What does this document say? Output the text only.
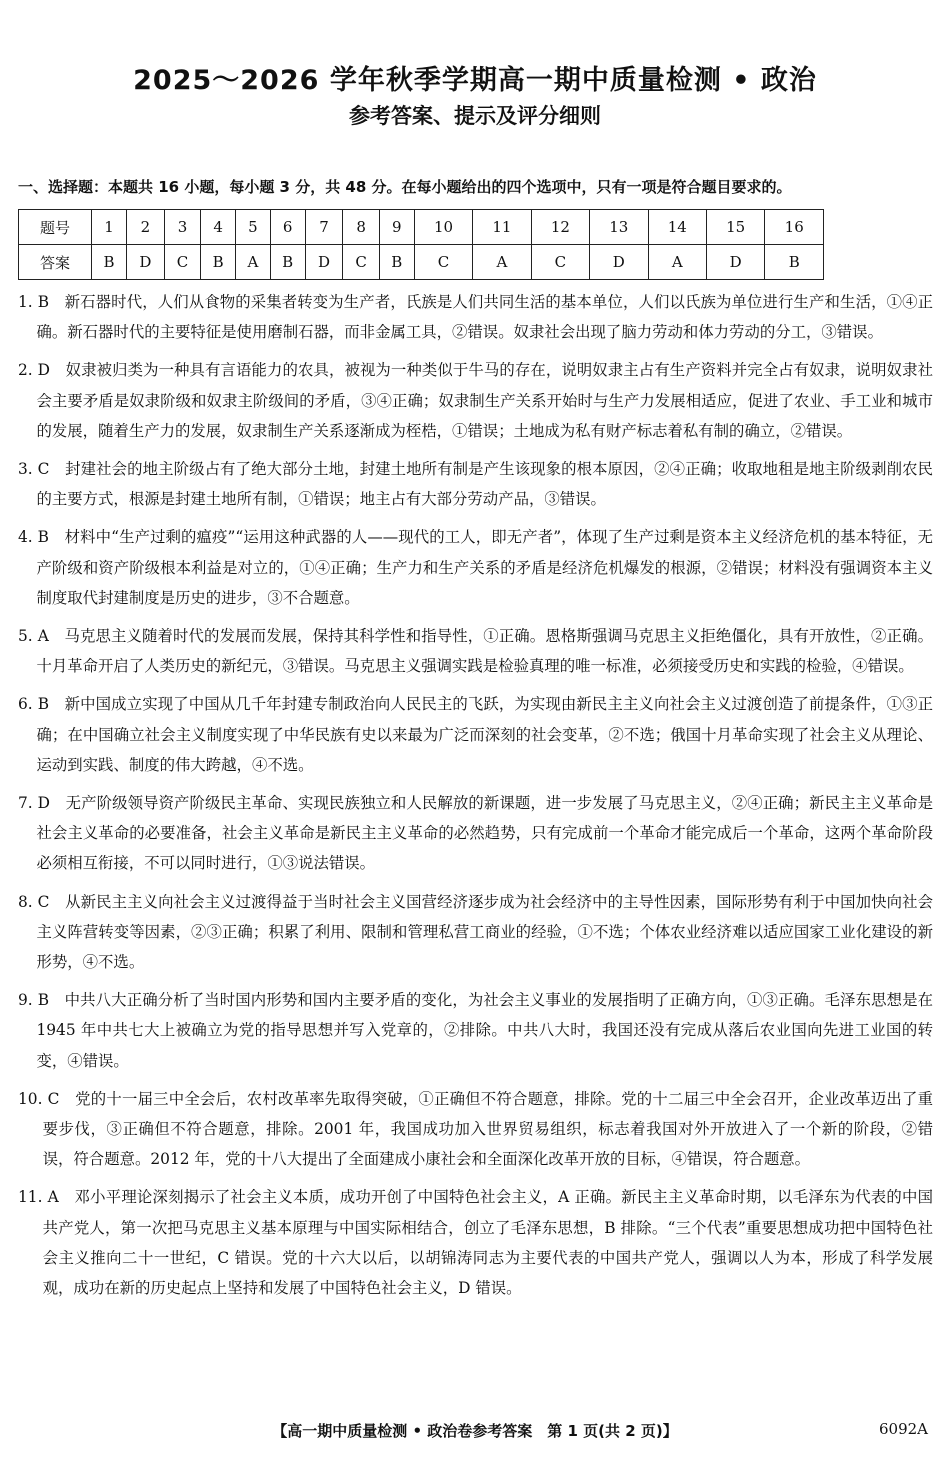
2025～2026 学年秋季学期高一期中质量检测 • 政治
参考答案、提示及评分细则
一、选择题：本题共 16 小题，每小题 3 分，共 48 分。在每小题给出的四个选项中，只有一项是符合题目要求的。
题号	1	2	3	4	5	6	7	8	9	10	11	12	13	14	15	16
答案	B	D	C	B	A	B	D	C	B	C	A	C	D	A	D	B
1. B　 新石器时代，人们从食物的采集者转变为生产者，氏族是人们共同生活的基本单位，人们以氏族为单位进行生产和生活，①④正确。新石器时代的主要特征是使用磨制石器，而非金属工具，②错误。奴隶社会出现了脑力劳动和体力劳动的分工，③错误。
2. D　 奴隶被归类为一种具有言语能力的农具，被视为一种类似于牛马的存在，说明奴隶主占有生产资料并完全占有奴隶，说明奴隶社会主要矛盾是奴隶阶级和奴隶主阶级间的矛盾，③④正确；奴隶制生产关系开始时与生产力发展相适应，促进了农业、手工业和城市的发展，随着生产力的发展，奴隶制生产关系逐渐成为桎梏，①错误；土地成为私有财产标志着私有制的确立，②错误。
3. C　 封建社会的地主阶级占有了绝大部分土地，封建土地所有制是产生该现象的根本原因，②④正确；收取地租是地主阶级剥削农民的主要方式，根源是封建土地所有制，①错误；地主占有大部分劳动产品，③错误。
4. B　 材料中“生产过剩的瘟疫”“运用这种武器的人——现代的工人，即无产者”，体现了生产过剩是资本主义经济危机的基本特征，无产阶级和资产阶级根本利益是对立的，①④正确；生产力和生产关系的矛盾是经济危机爆发的根源，②错误；材料没有强调资本主义制度取代封建制度是历史的进步，③不合题意。
5. A　 马克思主义随着时代的发展而发展，保持其科学性和指导性，①正确。恩格斯强调马克思主义拒绝僵化，具有开放性，②正确。十月革命开启了人类历史的新纪元，③错误。马克思主义强调实践是检验真理的唯一标准，必须接受历史和实践的检验，④错误。
6. B　 新中国成立实现了中国从几千年封建专制政治向人民民主的飞跃，为实现由新民主主义向社会主义过渡创造了前提条件，①③正确；在中国确立社会主义制度实现了中华民族有史以来最为广泛而深刻的社会变革，②不选；俄国十月革命实现了社会主义从理论、运动到实践、制度的伟大跨越，④不选。
7. D　 无产阶级领导资产阶级民主革命、实现民族独立和人民解放的新课题，进一步发展了马克思主义，②④正确；新民主主义革命是社会主义革命的必要准备，社会主义革命是新民主主义革命的必然趋势，只有完成前一个革命才能完成后一个革命，这两个革命阶段必须相互衔接，不可以同时进行，①③说法错误。
8. C　 从新民主主义向社会主义过渡得益于当时社会主义国营经济逐步成为社会经济中的主导性因素，国际形势有利于中国加快向社会主义阵营转变等因素，②③正确；积累了利用、限制和管理私营工商业的经验，①不选；个体农业经济难以适应国家工业化建设的新形势，④不选。
9. B　 中共八大正确分析了当时国内形势和国内主要矛盾的变化，为社会主义事业的发展指明了正确方向，①③正确。毛泽东思想是在 1945 年中共七大上被确立为党的指导思想并写入党章的，②排除。中共八大时，我国还没有完成从落后农业国向先进工业国的转变，④错误。
10. C　 党的十一届三中全会后，农村改革率先取得突破，①正确但不符合题意，排除。党的十二届三中全会召开，企业改革迈出了重要步伐，③正确但不符合题意，排除。2001 年，我国成功加入世界贸易组织，标志着我国对外开放进入了一个新的阶段，②错误，符合题意。2012 年，党的十八大提出了全面建成小康社会和全面深化改革开放的目标，④错误，符合题意。
11. A　 邓小平理论深刻揭示了社会主义本质，成功开创了中国特色社会主义，A 正确。新民主主义革命时期，以毛泽东为代表的中国共产党人，第一次把马克思主义基本原理与中国实际相结合，创立了毛泽东思想，B 排除。“三个代表”重要思想成功把中国特色社会主义推向二十一世纪，C 错误。党的十六大以后，以胡锦涛同志为主要代表的中国共产党人，强调以人为本，形成了科学发展观，成功在新的历史起点上坚持和发展了中国特色社会主义，D 错误。
【高一期中质量检测 • 政治卷参考答案　第 1 页(共 2 页)】	6092A
